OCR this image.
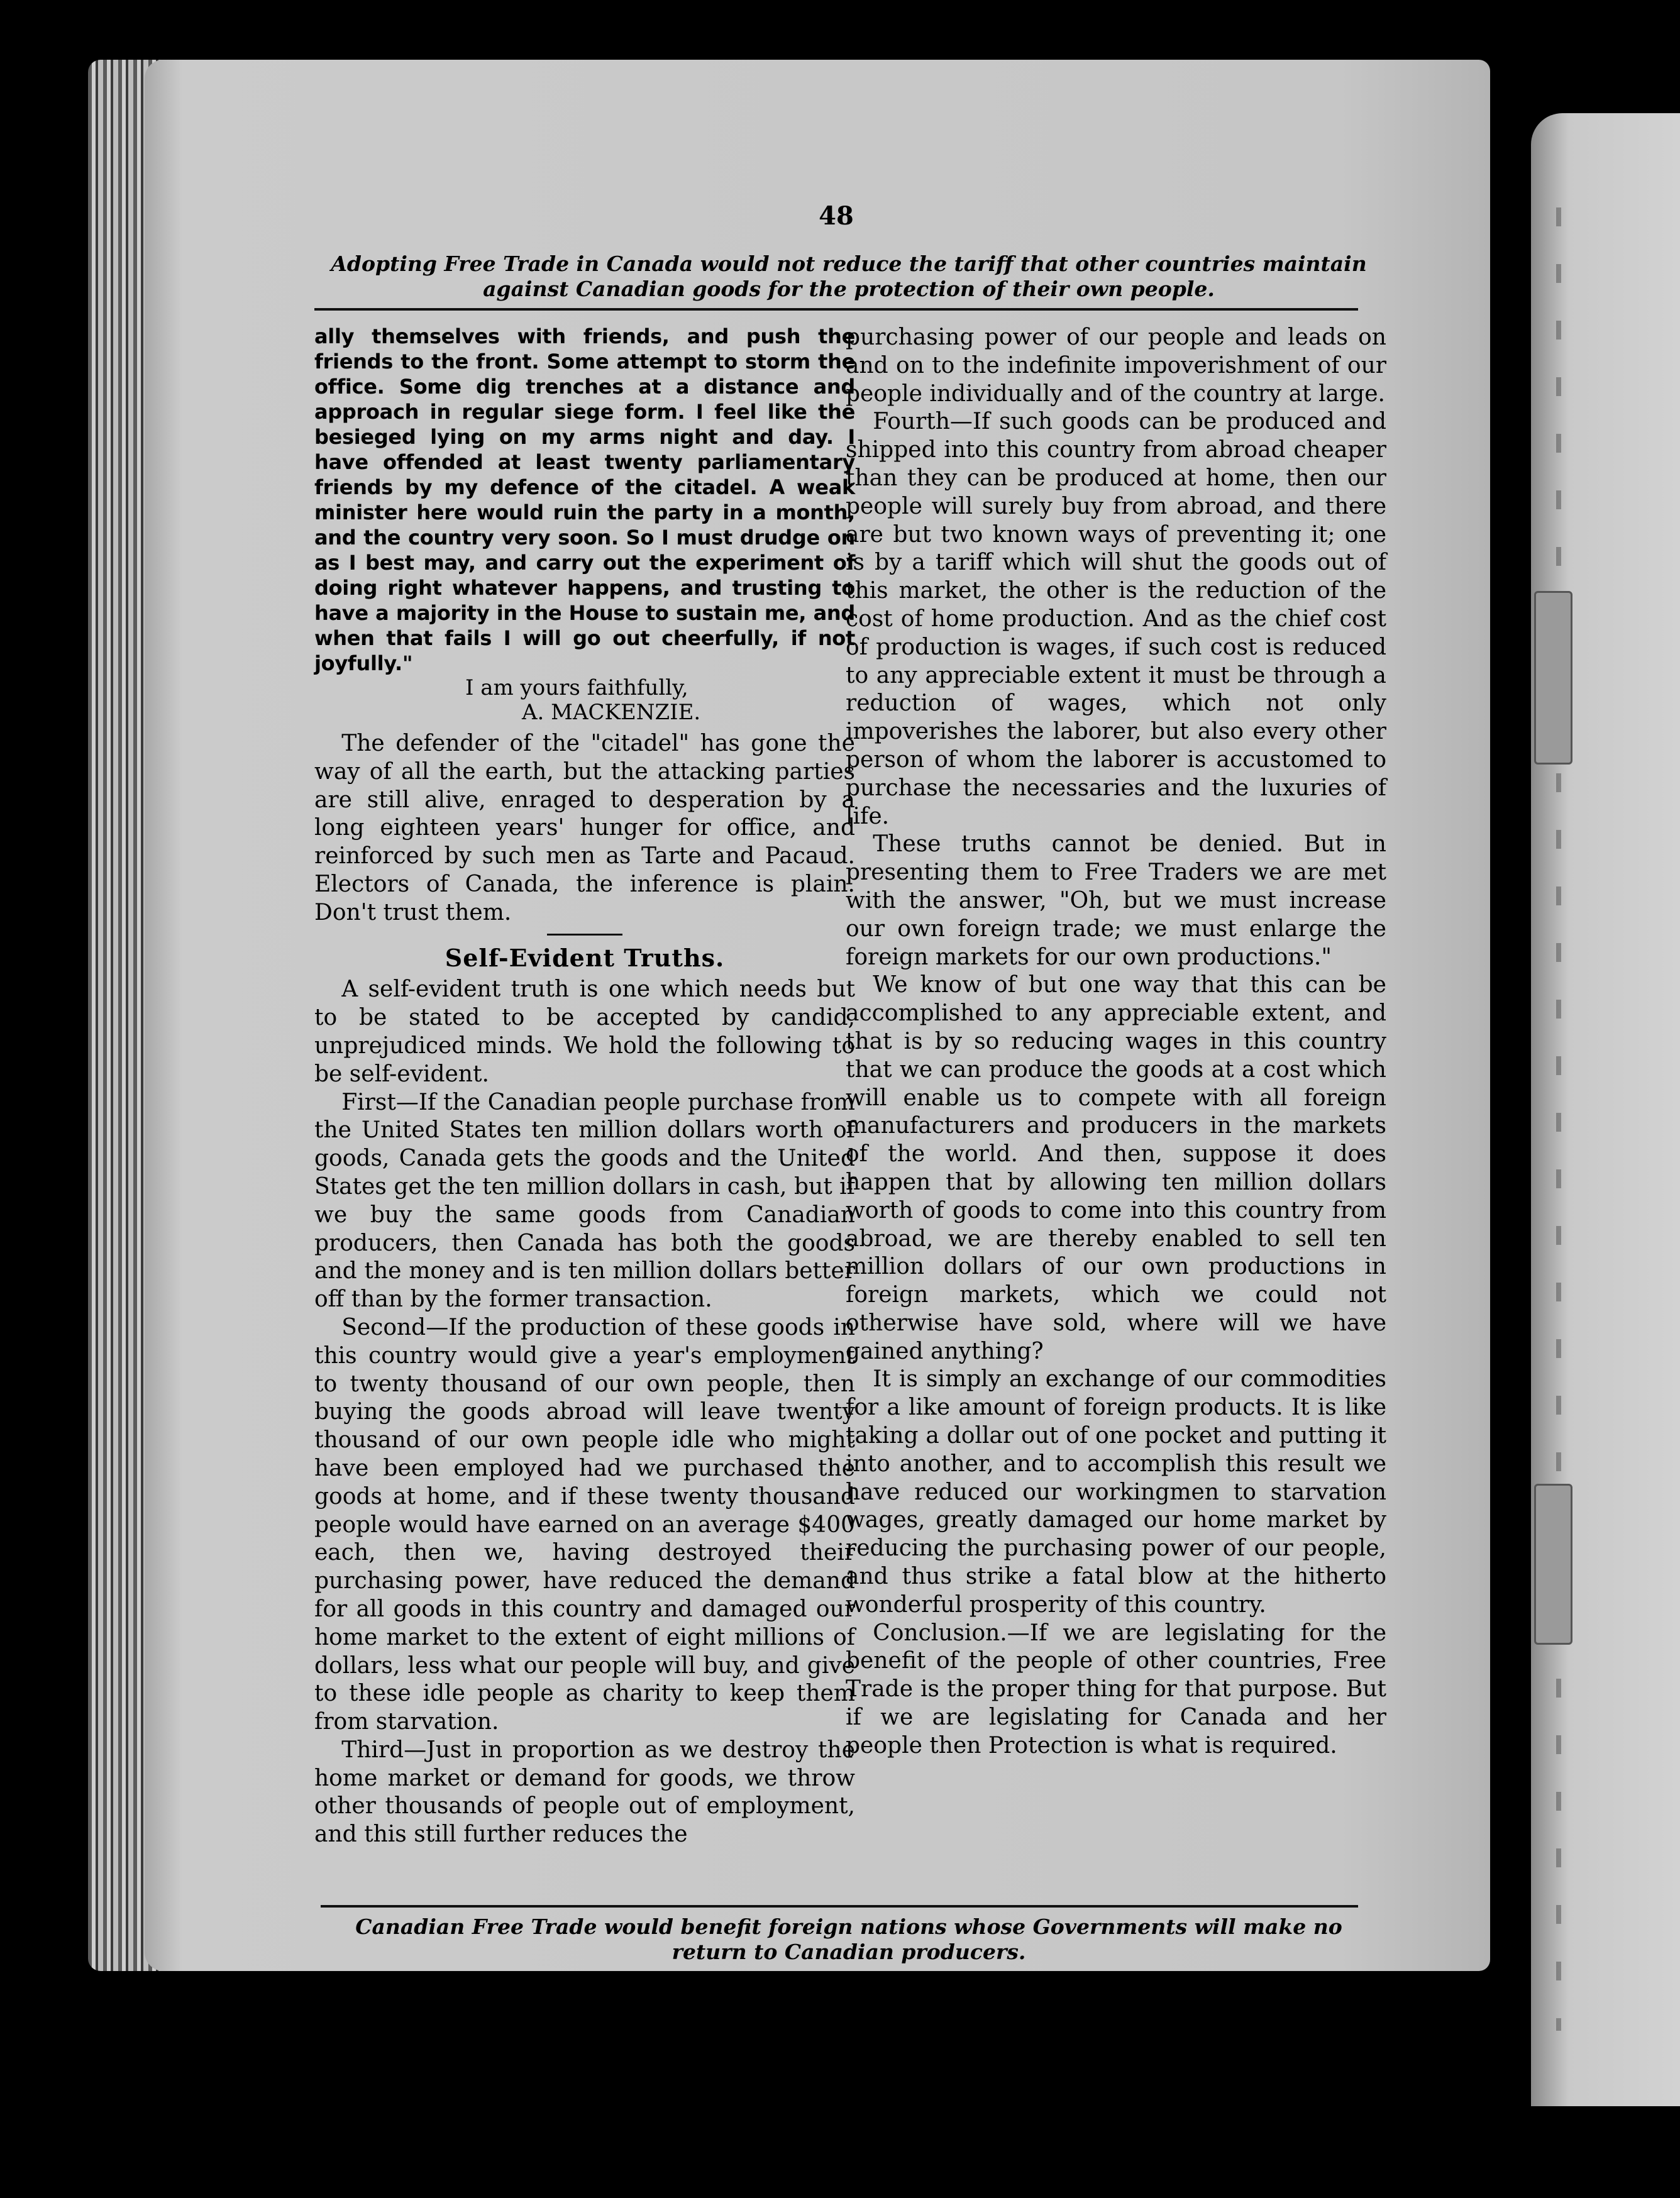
48
Adopting Free Trade in Canada would not reduce the tariff that other countries maintain against Canadian goods for the protection of their own people.

ally themselves with friends, and push the friends to the front. Some attempt to storm the office. Some dig trenches at a distance and approach in regular siege form. I feel like the besieged lying on my arms night and day. I have offended at least twenty parliamentary friends by my defence of the citadel. A weak minister here would ruin the party in a month, and the country very soon. So I must drudge on as I best may, and carry out the experiment of doing right whatever happens, and trusting to have a majority in the House to sustain me, and when that fails I will go out cheerfully, if not joyfully."

I am yours faithfully,

A. MACKENZIE.

The defender of the "citadel" has gone the way of all the earth, but the attacking parties are still alive, enraged to desperation by a long eighteen years' hunger for office, and reinforced by such men as Tarte and Pacaud. Electors of Canada, the inference is plain. Don't trust them.

Self-Evident Truths.

A self-evident truth is one which needs but to be stated to be accepted by candid, unprejudiced minds. We hold the following to be self-evident.

First—If the Canadian people purchase from the United States ten million dollars worth of goods, Canada gets the goods and the United States get the ten million dollars in cash, but if we buy the same goods from Canadian producers, then Canada has both the goods and the money and is ten million dollars better off than by the former transaction.

Second—If the production of these goods in this country would give a year's employment to twenty thousand of our own people, then buying the goods abroad will leave twenty thousand of our own people idle who might have been employed had we purchased the goods at home, and if these twenty thousand people would have earned on an average $400 each, then we, having destroyed their purchasing power, have reduced the demand for all goods in this country and damaged our home market to the extent of eight millions of dollars, less what our people will buy, and give to these idle people as charity to keep them from starvation.

Third—Just in proportion as we destroy the home market or demand for goods, we throw other thousands of people out of employment, and this still further reduces the

purchasing power of our people and leads on and on to the indefinite impoverishment of our people individually and of the country at large.

Fourth—If such goods can be produced and shipped into this country from abroad cheaper than they can be produced at home, then our people will surely buy from abroad, and there are but two known ways of preventing it; one is by a tariff which will shut the goods out of this market, the other is the reduction of the cost of home production. And as the chief cost of production is wages, if such cost is reduced to any appreciable extent it must be through a reduction of wages, which not only impoverishes the laborer, but also every other person of whom the laborer is accustomed to purchase the necessaries and the luxuries of life.

These truths cannot be denied. But in presenting them to Free Traders we are met with the answer, "Oh, but we must increase our own foreign trade; we must enlarge the foreign markets for our own productions."

We know of but one way that this can be accomplished to any appreciable extent, and that is by so reducing wages in this country that we can produce the goods at a cost which will enable us to compete with all foreign manufacturers and producers in the markets of the world. And then, suppose it does happen that by allowing ten million dollars worth of goods to come into this country from abroad, we are thereby enabled to sell ten million dollars of our own productions in foreign markets, which we could not otherwise have sold, where will we have gained anything?

It is simply an exchange of our commodities for a like amount of foreign products. It is like taking a dollar out of one pocket and putting it into another, and to accomplish this result we have reduced our workingmen to starvation wages, greatly damaged our home market by reducing the purchasing power of our people, and thus strike a fatal blow at the hitherto wonderful prosperity of this country.

Conclusion.—If we are legislating for the benefit of the people of other countries, Free Trade is the proper thing for that purpose. But if we are legislating for Canada and her people then Protection is what is required.

Canadian Free Trade would benefit foreign nations whose Governments will make no return to Canadian producers.
